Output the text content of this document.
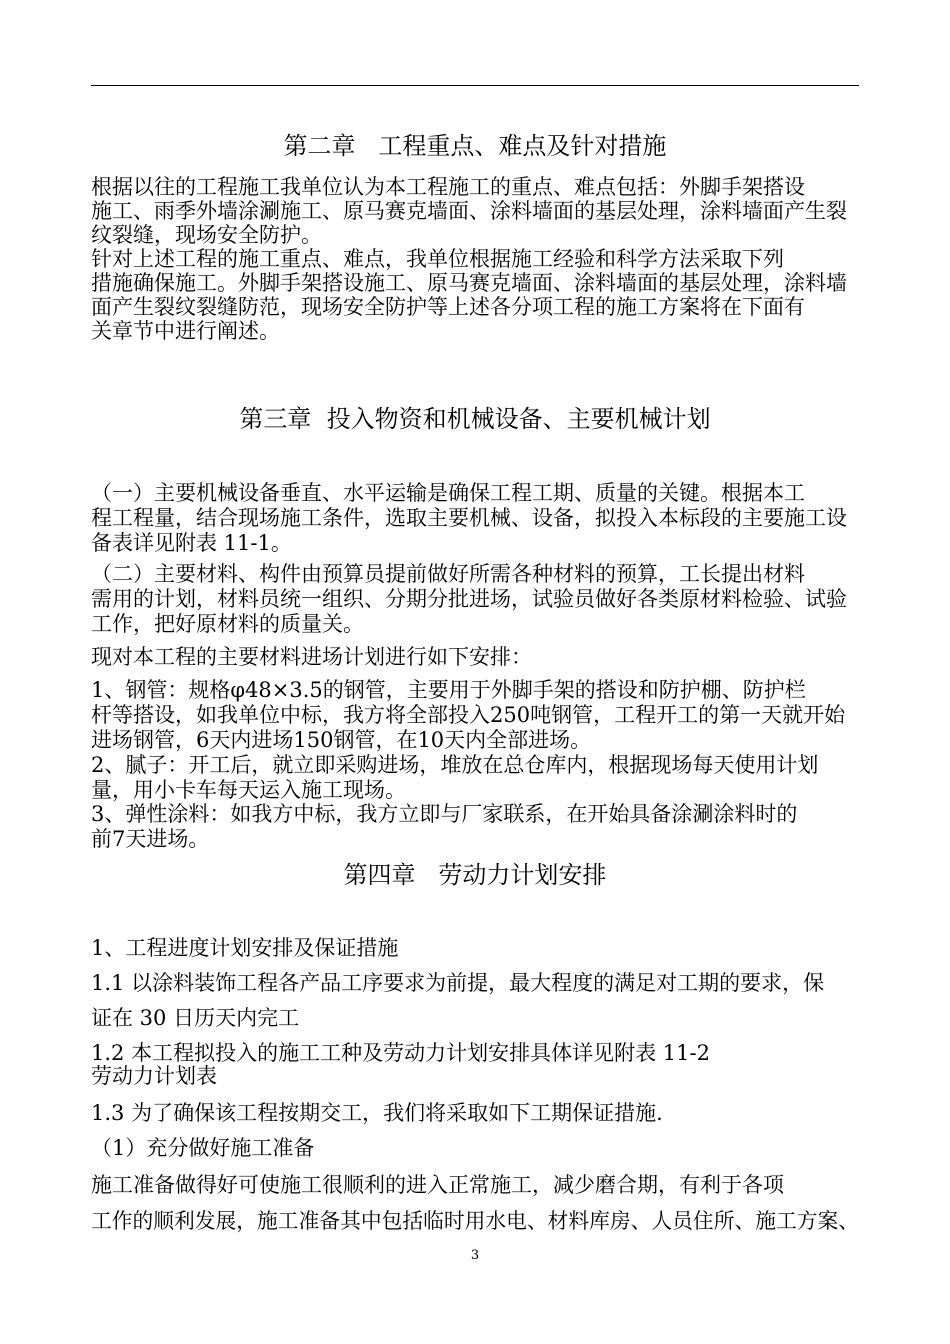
第二章   工程重点、难点及针对措施
根据以往的工程施工我单位认为本工程施工的重点、难点包括：外脚手架搭设
施工、雨季外墙涂涮施工、原马赛克墙面、涂料墙面的基层处理，涂料墙面产生裂
纹裂缝，现场安全防护。
针对上述工程的施工重点、难点，我单位根据施工经验和科学方法采取下列
措施确保施工。外脚手架搭设施工、原马赛克墙面、涂料墙面的基层处理，涂料墙
面产生裂纹裂缝防范，现场安全防护等上述各分项工程的施工方案将在下面有
关章节中进行阐述。
第三章  投入物资和机械设备、主要机械计划
（一）主要机械设备垂直、水平运输是确保工程工期、质量的关键。根据本工
程工程量，结合现场施工条件，选取主要机械、设备，拟投入本标段的主要施工设
备表详见附表 11-1。
（二）主要材料、构件由预算员提前做好所需各种材料的预算，工长提出材料
需用的计划，材料员统一组织、分期分批进场，试验员做好各类原材料检验、试验
工作，把好原材料的质量关。
现对本工程的主要材料进场计划进行如下安排：
1、钢管：规格φ48×3.5的钢管，主要用于外脚手架的搭设和防护棚、防护栏
杆等搭设，如我单位中标，我方将全部投入250吨钢管，工程开工的第一天就开始
进场钢管，6天内进场150钢管，在10天内全部进场。
2、腻子：开工后，就立即采购进场，堆放在总仓库内，根据现场每天使用计划
量，用小卡车每天运入施工现场。
3、弹性涂料：如我方中标，我方立即与厂家联系，在开始具备涂涮涂料时的
前7天进场。
第四章   劳动力计划安排
1、工程进度计划安排及保证措施
1.1 以涂料装饰工程各产品工序要求为前提，最大程度的满足对工期的要求，保
证在 30 日历天内完工
1.2 本工程拟投入的施工工种及劳动力计划安排具体详见附表 11-2
劳动力计划表
1.3 为了确保该工程按期交工，我们将采取如下工期保证措施.
（1）充分做好施工准备
施工准备做得好可使施工很顺利的进入正常施工，减少磨合期，有利于各项
工作的顺利发展，施工准备其中包括临时用水电、材料库房、人员住所、施工方案、
3
